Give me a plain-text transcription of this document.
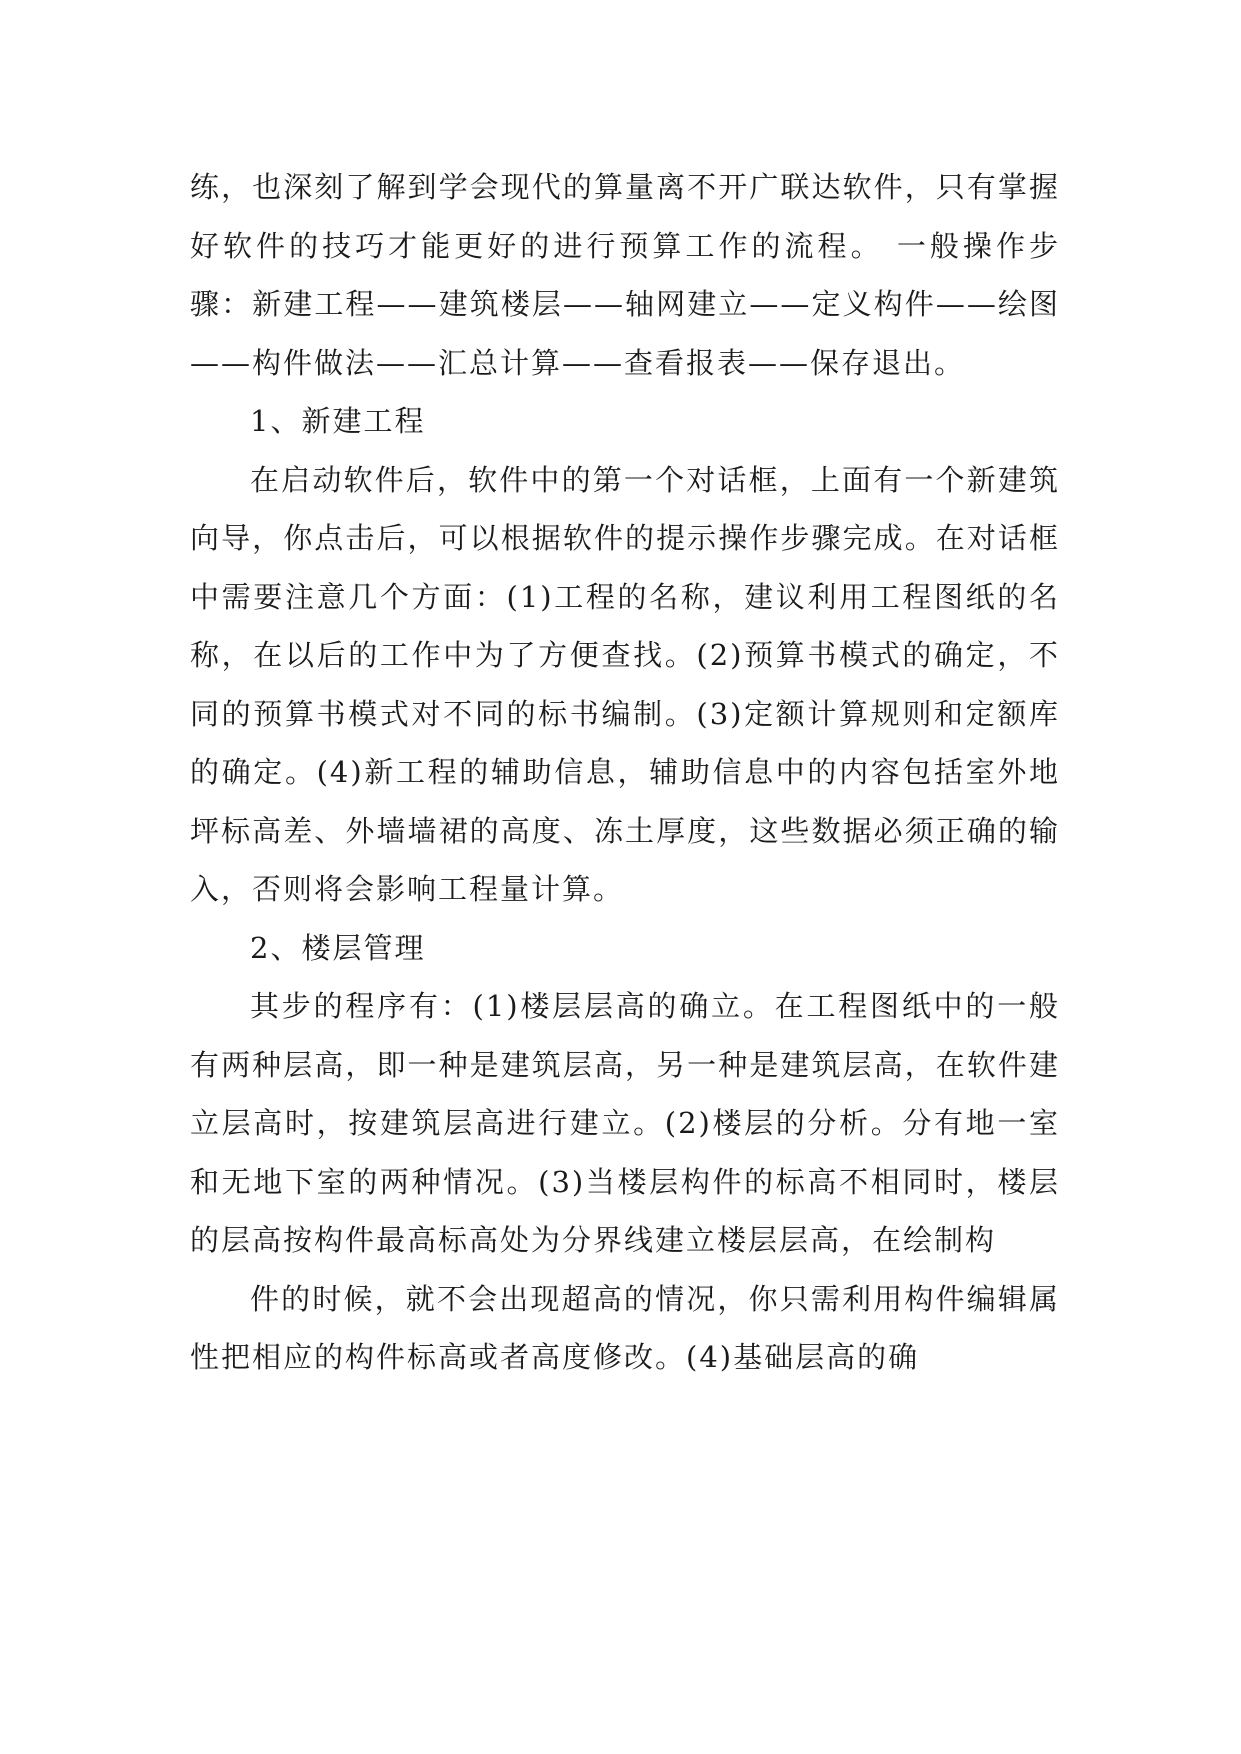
练，也深刻了解到学会现代的算量离不开广联达软件，只有掌握好软件的技巧才能更好的进行预算工作的流程。 一般操作步骤：新建工程——建筑楼层——轴网建立——定义构件——绘图——构件做法——汇总计算——查看报表——保存退出。

1、新建工程

在启动软件后，软件中的第一个对话框，上面有一个新建筑向导，你点击后，可以根据软件的提示操作步骤完成。在对话框中需要注意几个方面：(1)工程的名称，建议利用工程图纸的名称，在以后的工作中为了方便查找。(2)预算书模式的确定，不同的预算书模式对不同的标书编制。(3)定额计算规则和定额库的确定。(4)新工程的辅助信息，辅助信息中的内容包括室外地坪标高差、外墙墙裙的高度、冻土厚度，这些数据必须正确的输入，否则将会影响工程量计算。

2、楼层管理

其步的程序有：(1)楼层层高的确立。在工程图纸中的一般有两种层高，即一种是建筑层高，另一种是建筑层高，在软件建立层高时，按建筑层高进行建立。(2)楼层的分析。分有地一室和无地下室的两种情况。(3)当楼层构件的标高不相同时，楼层的层高按构件最高标高处为分界线建立楼层层高，在绘制构

件的时候，就不会出现超高的情况，你只需利用构件编辑属性把相应的构件标高或者高度修改。(4)基础层高的确
